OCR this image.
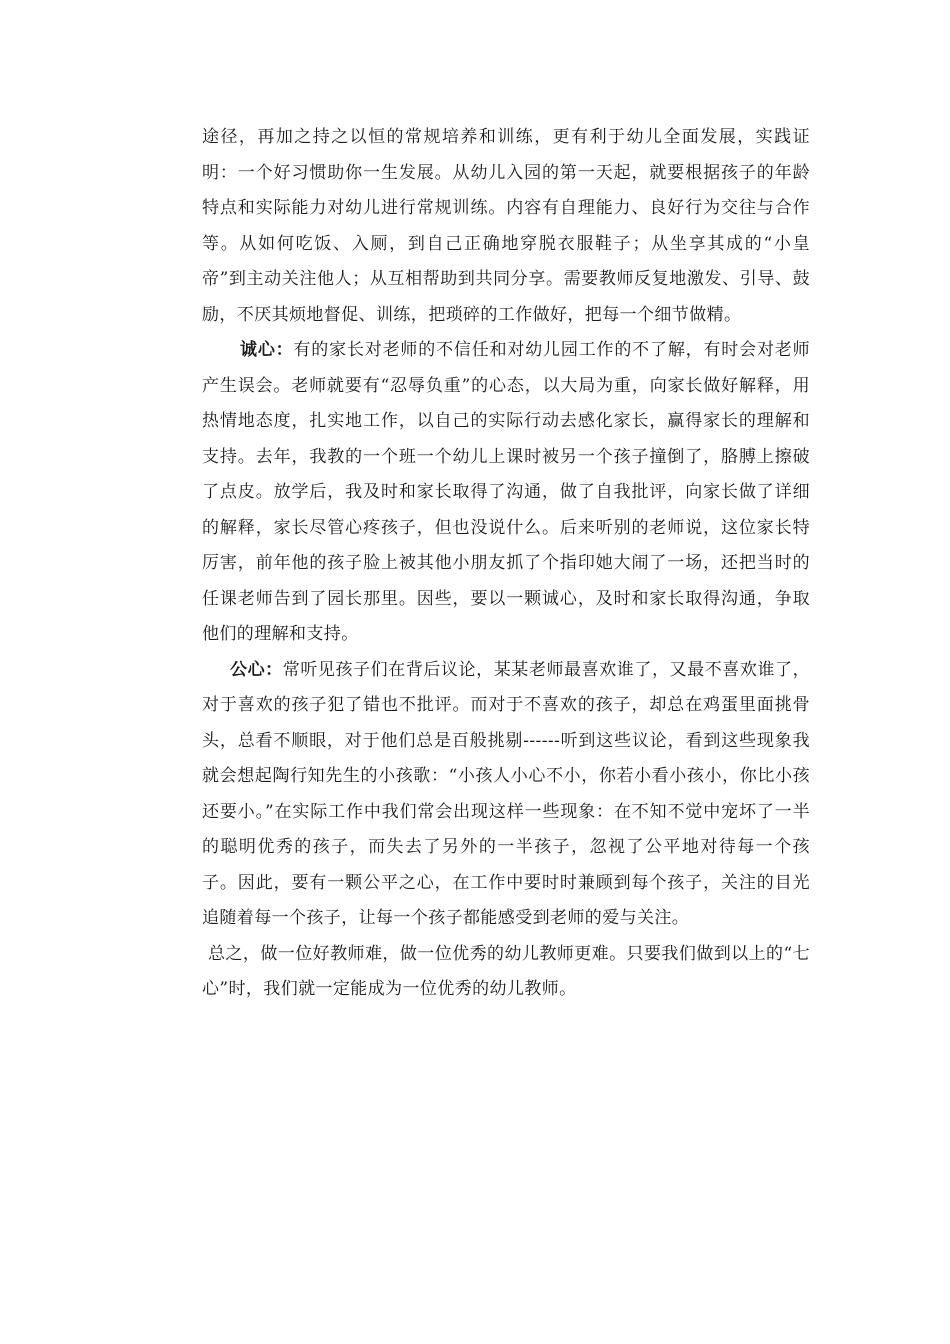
途径，再加之持之以恒的常规培养和训练，更有利于幼儿全面发展，实践证明：一个好习惯助你一生发展。从幼儿入园的第一天起，就要根据孩子的年龄特点和实际能力对幼儿进行常规训练。内容有自理能力、良好行为交往与合作等。从如何吃饭、入厕，到自己正确地穿脱衣服鞋子；从坐享其成的“小皇帝”到主动关注他人；从互相帮助到共同分享。需要教师反复地激发、引导、鼓励，不厌其烦地督促、训练，把琐碎的工作做好，把每一个细节做精。

诚心：有的家长对老师的不信任和对幼儿园工作的不了解，有时会对老师产生误会。老师就要有“忍辱负重”的心态，以大局为重，向家长做好解释，用热情地态度，扎实地工作，以自己的实际行动去感化家长，赢得家长的理解和支持。去年，我教的一个班一个幼儿上课时被另一个孩子撞倒了，胳膊上擦破了点皮。放学后，我及时和家长取得了沟通，做了自我批评，向家长做了详细的解释，家长尽管心疼孩子，但也没说什么。后来听别的老师说，这位家长特厉害，前年他的孩子脸上被其他小朋友抓了个指印她大闹了一场，还把当时的任课老师告到了园长那里。因些，要以一颗诚心，及时和家长取得沟通，争取他们的理解和支持。

公心：常听见孩子们在背后议论，某某老师最喜欢谁了，又最不喜欢谁了，对于喜欢的孩子犯了错也不批评。而对于不喜欢的孩子，却总在鸡蛋里面挑骨头，总看不顺眼，对于他们总是百般挑剔------听到这些议论，看到这些现象我就会想起陶行知先生的小孩歌：“小孩人小心不小，你若小看小孩小，你比小孩还要小。”在实际工作中我们常会出现这样一些现象：在不知不觉中宠坏了一半的聪明优秀的孩子，而失去了另外的一半孩子，忽视了公平地对待每一个孩子。因此，要有一颗公平之心，在工作中要时时兼顾到每个孩子，关注的目光追随着每一个孩子，让每一个孩子都能感受到老师的爱与关注。

总之，做一位好教师难，做一位优秀的幼儿教师更难。只要我们做到以上的“七心”时，我们就一定能成为一位优秀的幼儿教师。
